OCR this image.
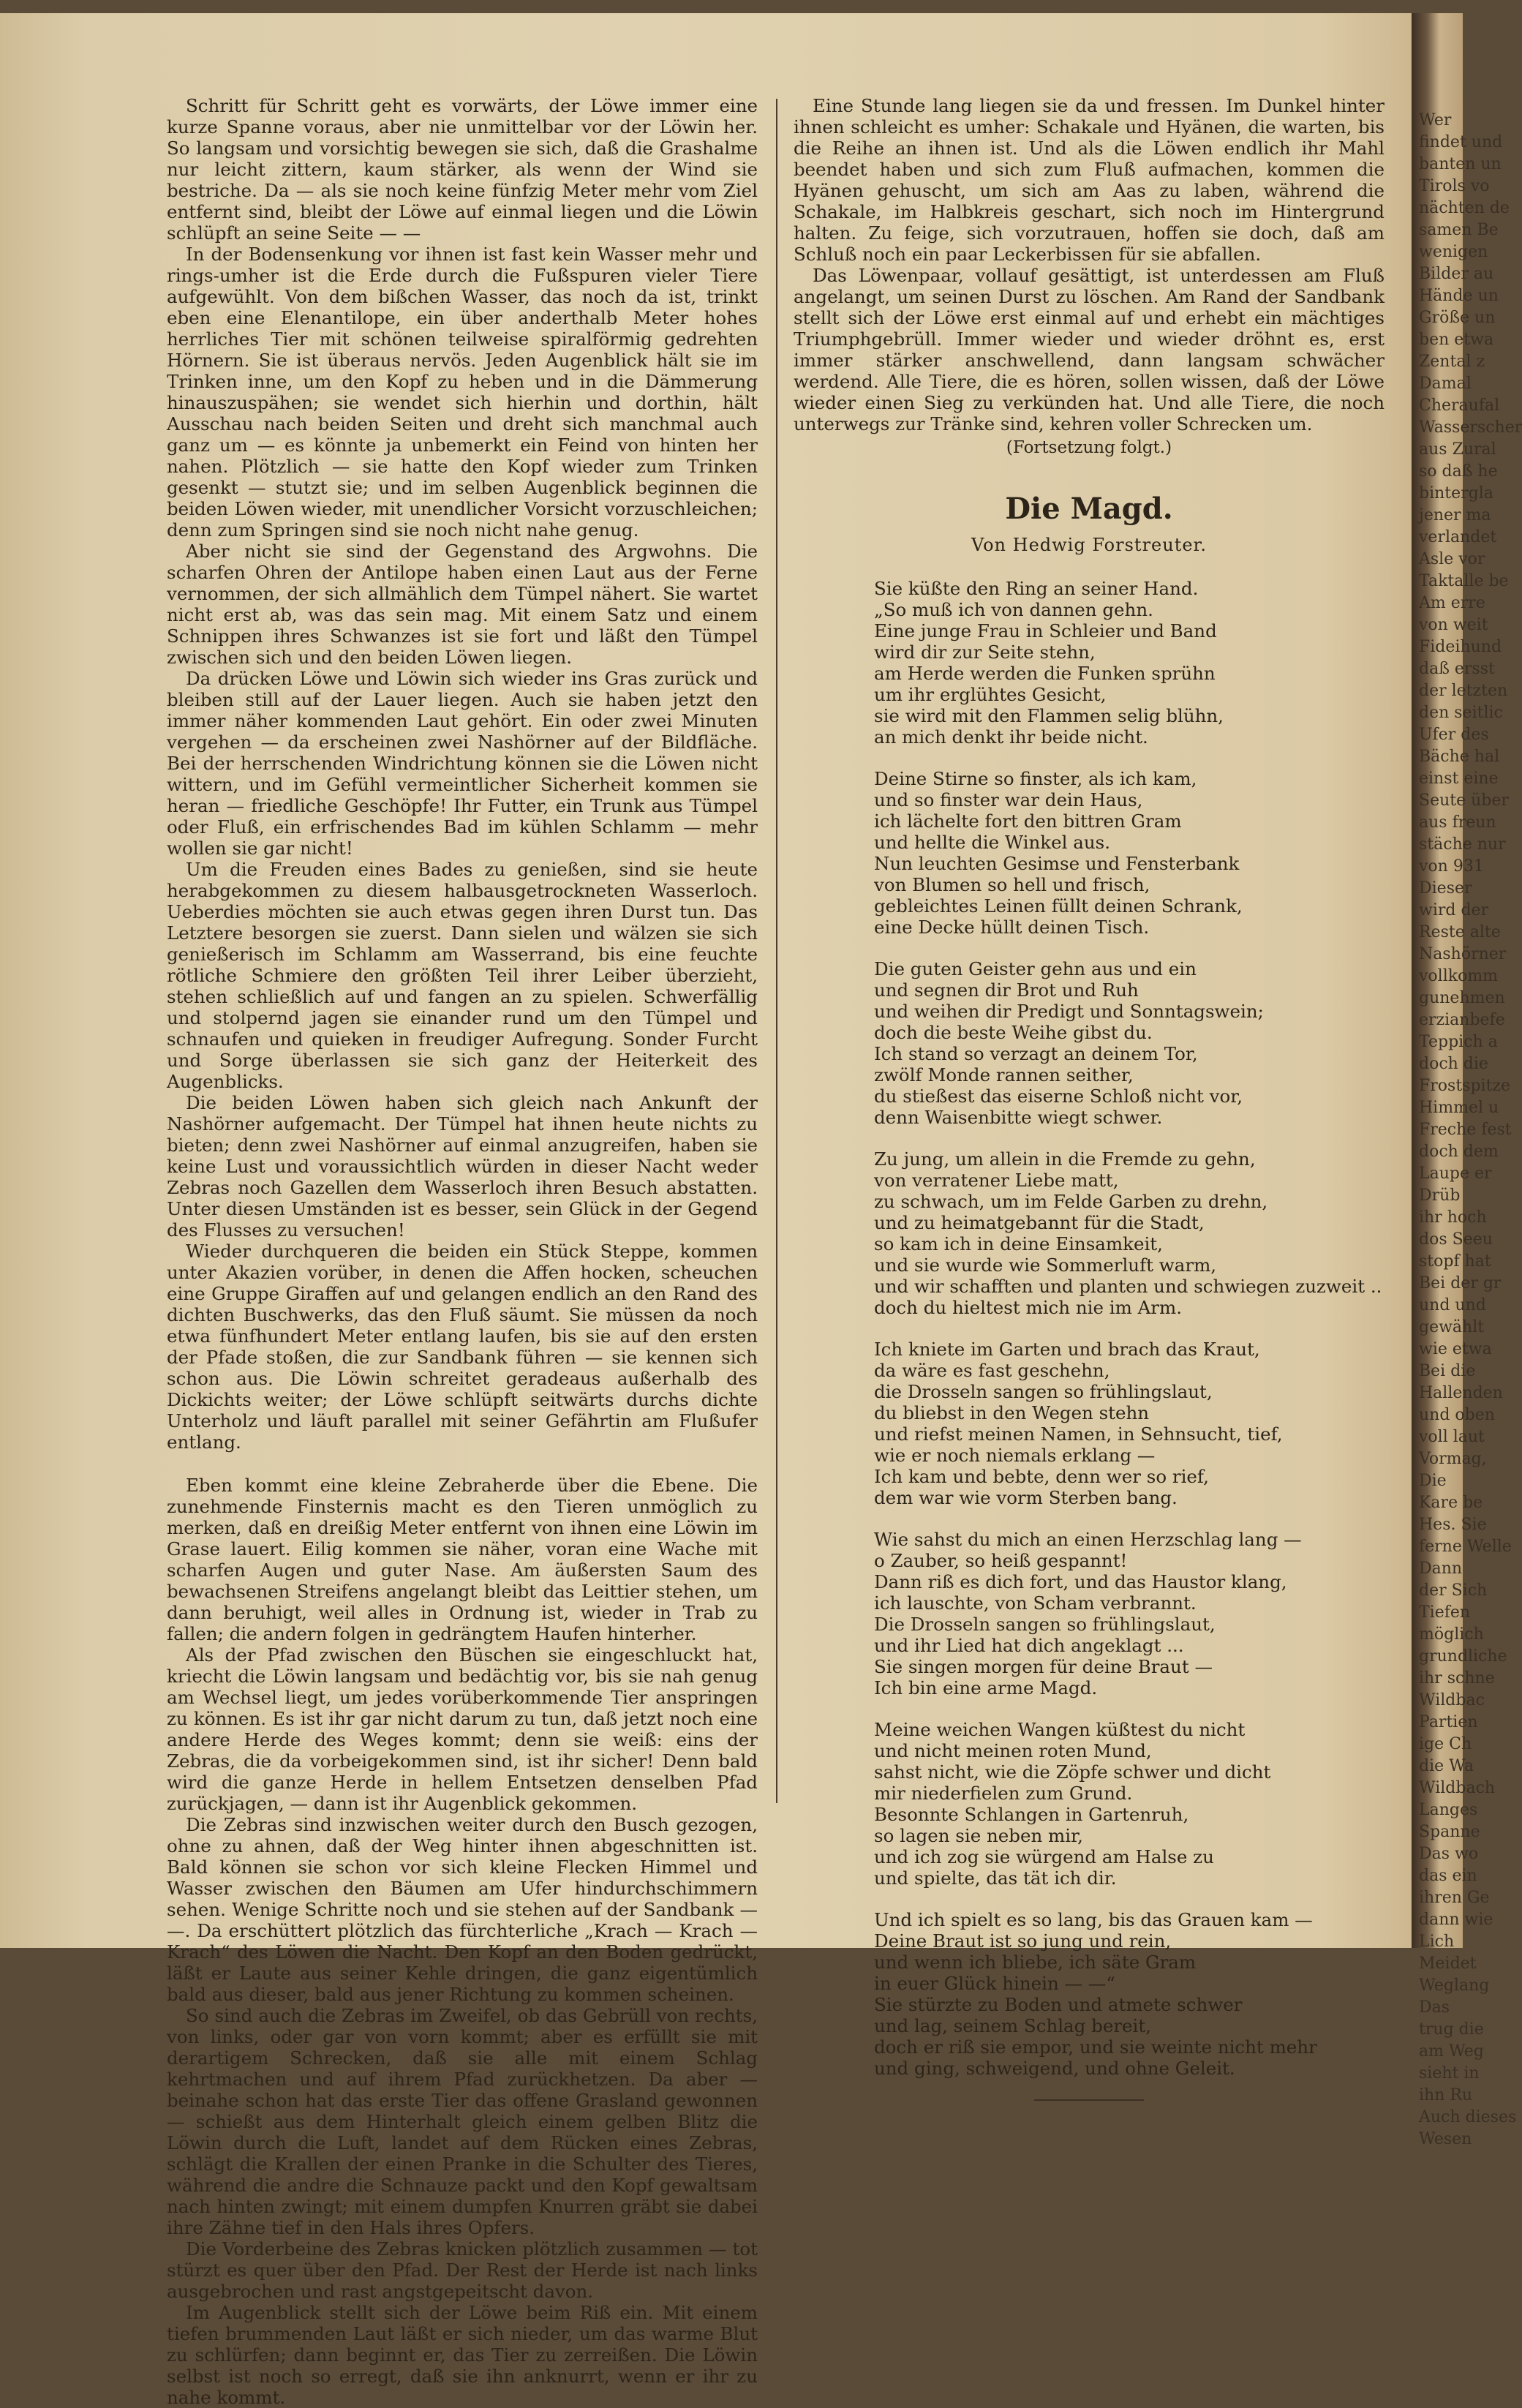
Wer
findet und
banten un
Tirols vo
nächten de
samen Be
wenigen
Bilder au
Hände un
Größe un
ben etwa
Zental z
Damal
Cheraufal
Wasserscher
aus Zural
so daß he
bintergla
jener ma
verlandet
Asle vor
Taktalle be
Am erre
von weit
Fideihund
daß ersst
der letzten
den seitlic
Ufer des
Bäche hal
einst eine
Seute über
aus freun
stäche nur
von 931
Dieser
wird der
Reste alte
Nashörner
vollkomm
gunehmen
erzianbefe
Teppich a
doch die
Frostspitze
Himmel u
Freche fest
doch dem
Laupe er
Drüb
ihr hoch
dos Seeu
stopf hat
Bei der gr
und und
gewählt
wie etwa
Bei die
Hallenden
und oben
voll laut
Vormag,
Die
Kare be
Hes. Sie
ferne Welle
Dann
der Sich
Tiefen
möglich
grundliche
ihr schne
Wildbac
Partien
ige Ch
die Wa
Wildbach
Langes
Spanne
Das wo
das ein
ihren Ge
dann wie
Lich
Meidet
Weglang
Das
trug die
am Weg
sieht in
ihn Ru
Auch dieses
Wesen

Schritt für Schritt geht es vorwärts, der Löwe immer eine kurze Spanne voraus, aber nie unmittelbar vor der Löwin her. So langsam und vorsichtig bewegen sie sich, daß die Grashalme nur leicht zittern, kaum stärker, als wenn der Wind sie bestriche. Da — als sie noch keine fünfzig Meter mehr vom Ziel entfernt sind, bleibt der Löwe auf einmal liegen und die Löwin schlüpft an seine Seite — —

In der Bodensenkung vor ihnen ist fast kein Wasser mehr und rings-umher ist die Erde durch die Fußspuren vieler Tiere aufgewühlt. Von dem bißchen Wasser, das noch da ist, trinkt eben eine Elenantilope, ein über anderthalb Meter hohes herrliches Tier mit schönen teilweise spiralförmig gedrehten Hörnern. Sie ist überaus nervös. Jeden Augenblick hält sie im Trinken inne, um den Kopf zu heben und in die Dämmerung hinauszuspähen; sie wendet sich hierhin und dorthin, hält Ausschau nach beiden Seiten und dreht sich manchmal auch ganz um — es könnte ja unbemerkt ein Feind von hinten her nahen. Plötzlich — sie hatte den Kopf wieder zum Trinken gesenkt — stutzt sie; und im selben Augenblick beginnen die beiden Löwen wieder, mit unendlicher Vorsicht vorzuschleichen; denn zum Springen sind sie noch nicht nahe genug.

Aber nicht sie sind der Gegenstand des Argwohns. Die scharfen Ohren der Antilope haben einen Laut aus der Ferne vernommen, der sich allmählich dem Tümpel nähert. Sie wartet nicht erst ab, was das sein mag. Mit einem Satz und einem Schnippen ihres Schwanzes ist sie fort und läßt den Tümpel zwischen sich und den beiden Löwen liegen.

Da drücken Löwe und Löwin sich wieder ins Gras zurück und bleiben still auf der Lauer liegen. Auch sie haben jetzt den immer näher kommenden Laut gehört. Ein oder zwei Minuten vergehen — da erscheinen zwei Nashörner auf der Bildfläche. Bei der herrschenden Windrichtung können sie die Löwen nicht wittern, und im Gefühl vermeintlicher Sicherheit kommen sie heran — friedliche Geschöpfe! Ihr Futter, ein Trunk aus Tümpel oder Fluß, ein erfrischendes Bad im kühlen Schlamm — mehr wollen sie gar nicht!

Um die Freuden eines Bades zu genießen, sind sie heute herabgekommen zu diesem halbausgetrockneten Wasserloch. Ueberdies möchten sie auch etwas gegen ihren Durst tun. Das Letztere besorgen sie zuerst. Dann sielen und wälzen sie sich genießerisch im Schlamm am Wasserrand, bis eine feuchte rötliche Schmiere den größten Teil ihrer Leiber überzieht, stehen schließlich auf und fangen an zu spielen. Schwerfällig und stolpernd jagen sie einander rund um den Tümpel und schnaufen und quieken in freudiger Aufregung. Sonder Furcht und Sorge überlassen sie sich ganz der Heiterkeit des Augenblicks.

Die beiden Löwen haben sich gleich nach Ankunft der Nashörner aufgemacht. Der Tümpel hat ihnen heute nichts zu bieten; denn zwei Nashörner auf einmal anzugreifen, haben sie keine Lust und voraussichtlich würden in dieser Nacht weder Zebras noch Gazellen dem Wasserloch ihren Besuch abstatten. Unter diesen Umständen ist es besser, sein Glück in der Gegend des Flusses zu versuchen!

Wieder durchqueren die beiden ein Stück Steppe, kommen unter Akazien vorüber, in denen die Affen hocken, scheuchen eine Gruppe Giraffen auf und gelangen endlich an den Rand des dichten Buschwerks, das den Fluß säumt. Sie müssen da noch etwa fünfhundert Meter entlang laufen, bis sie auf den ersten der Pfade stoßen, die zur Sandbank führen — sie kennen sich schon aus. Die Löwin schreitet geradeaus außerhalb des Dickichts weiter; der Löwe schlüpft seitwärts durchs dichte Unterholz und läuft parallel mit seiner Gefährtin am Flußufer entlang.

Eben kommt eine kleine Zebraherde über die Ebene. Die zunehmende Finsternis macht es den Tieren unmöglich zu merken, daß en dreißig Meter entfernt von ihnen eine Löwin im Grase lauert. Eilig kommen sie näher, voran eine Wache mit scharfen Augen und guter Nase. Am äußersten Saum des bewachsenen Streifens angelangt bleibt das Leittier stehen, um dann beruhigt, weil alles in Ordnung ist, wieder in Trab zu fallen; die andern folgen in gedrängtem Haufen hinterher.

Als der Pfad zwischen den Büschen sie eingeschluckt hat, kriecht die Löwin langsam und bedächtig vor, bis sie nah genug am Wechsel liegt, um jedes vorüberkommende Tier anspringen zu können. Es ist ihr gar nicht darum zu tun, daß jetzt noch eine andere Herde des Weges kommt; denn sie weiß: eins der Zebras, die da vorbeigekommen sind, ist ihr sicher! Denn bald wird die ganze Herde in hellem Entsetzen denselben Pfad zurückjagen, — dann ist ihr Augenblick gekommen.

Die Zebras sind inzwischen weiter durch den Busch gezogen, ohne zu ahnen, daß der Weg hinter ihnen abgeschnitten ist. Bald können sie schon vor sich kleine Flecken Himmel und Wasser zwischen den Bäumen am Ufer hindurchschimmern sehen. Wenige Schritte noch und sie stehen auf der Sandbank — —. Da erschüttert plötzlich das fürchterliche „Krach — Krach — Krach“ des Löwen die Nacht. Den Kopf an den Boden gedrückt, läßt er Laute aus seiner Kehle dringen, die ganz eigentümlich bald aus dieser, bald aus jener Richtung zu kommen scheinen.

So sind auch die Zebras im Zweifel, ob das Gebrüll von rechts, von links, oder gar von vorn kommt; aber es erfüllt sie mit derartigem Schrecken, daß sie alle mit einem Schlag kehrtmachen und auf ihrem Pfad zurückhetzen. Da aber — beinahe schon hat das erste Tier das offene Grasland gewonnen — schießt aus dem Hinterhalt gleich einem gelben Blitz die Löwin durch die Luft, landet auf dem Rücken eines Zebras, schlägt die Krallen der einen Pranke in die Schulter des Tieres, während die andre die Schnauze packt und den Kopf gewaltsam nach hinten zwingt; mit einem dumpfen Knurren gräbt sie dabei ihre Zähne tief in den Hals ihres Opfers.

Die Vorderbeine des Zebras knicken plötzlich zusammen — tot stürzt es quer über den Pfad. Der Rest der Herde ist nach links ausgebrochen und rast angstgepeitscht davon.

Im Augenblick stellt sich der Löwe beim Riß ein. Mit einem tiefen brummenden Laut läßt er sich nieder, um das warme Blut zu schlürfen; dann beginnt er, das Tier zu zerreißen. Die Löwin selbst ist noch so erregt, daß sie ihn anknurrt, wenn er ihr zu nahe kommt.

Eine Stunde lang liegen sie da und fressen. Im Dunkel hinter ihnen schleicht es umher: Schakale und Hyänen, die warten, bis die Reihe an ihnen ist. Und als die Löwen endlich ihr Mahl beendet haben und sich zum Fluß aufmachen, kommen die Hyänen gehuscht, um sich am Aas zu laben, während die Schakale, im Halbkreis geschart, sich noch im Hintergrund halten. Zu feige, sich vorzutrauen, hoffen sie doch, daß am Schluß noch ein paar Leckerbissen für sie abfallen.

Das Löwenpaar, vollauf gesättigt, ist unterdessen am Fluß angelangt, um seinen Durst zu löschen. Am Rand der Sandbank stellt sich der Löwe erst einmal auf und erhebt ein mächtiges Triumphgebrüll. Immer wieder und wieder dröhnt es, erst immer stärker anschwellend, dann langsam schwächer werdend. Alle Tiere, die es hören, sollen wissen, daß der Löwe wieder einen Sieg zu verkünden hat. Und alle Tiere, die noch unterwegs zur Tränke sind, kehren voller Schrecken um.

(Fortsetzung folgt.)
Die Magd.
Von Hedwig Forstreuter.
Sie küßte den Ring an seiner Hand.
„So muß ich von dannen gehn.
Eine junge Frau in Schleier und Band
wird dir zur Seite stehn,
am Herde werden die Funken sprühn
um ihr erglühtes Gesicht,
sie wird mit den Flammen selig blühn,
an mich denkt ihr beide nicht.
Deine Stirne so finster, als ich kam,
und so finster war dein Haus,
ich lächelte fort den bittren Gram
und hellte die Winkel aus.
Nun leuchten Gesimse und Fensterbank
von Blumen so hell und frisch,
gebleichtes Leinen füllt deinen Schrank,
eine Decke hüllt deinen Tisch.
Die guten Geister gehn aus und ein
und segnen dir Brot und Ruh
und weihen dir Predigt und Sonntagswein;
doch die beste Weihe gibst du.
Ich stand so verzagt an deinem Tor,
zwölf Monde rannen seither,
du stießest das eiserne Schloß nicht vor,
denn Waisenbitte wiegt schwer.
Zu jung, um allein in die Fremde zu gehn,
von verratener Liebe matt,
zu schwach, um im Felde Garben zu drehn,
und zu heimatgebannt für die Stadt,
so kam ich in deine Einsamkeit,
und sie wurde wie Sommerluft warm,
und wir schafften und planten und schwiegen zuzweit ..
doch du hieltest mich nie im Arm.
Ich kniete im Garten und brach das Kraut,
da wäre es fast geschehn,
die Drosseln sangen so frühlingslaut,
du bliebst in den Wegen stehn
und riefst meinen Namen, in Sehnsucht, tief,
wie er noch niemals erklang —
Ich kam und bebte, denn wer so rief,
dem war wie vorm Sterben bang.
Wie sahst du mich an einen Herzschlag lang —
o Zauber, so heiß gespannt!
Dann riß es dich fort, und das Haustor klang,
ich lauschte, von Scham verbrannt.
Die Drosseln sangen so frühlingslaut,
und ihr Lied hat dich angeklagt ...
Sie singen morgen für deine Braut —
Ich bin eine arme Magd.
Meine weichen Wangen küßtest du nicht
und nicht meinen roten Mund,
sahst nicht, wie die Zöpfe schwer und dicht
mir niederfielen zum Grund.
Besonnte Schlangen in Gartenruh,
so lagen sie neben mir,
und ich zog sie würgend am Halse zu
und spielte, das tät ich dir.
Und ich spielt es so lang, bis das Grauen kam —
Deine Braut ist so jung und rein,
und wenn ich bliebe, ich säte Gram
in euer Glück hinein — —“
Sie stürzte zu Boden und atmete schwer
und lag, seinem Schlag bereit,
doch er riß sie empor, und sie weinte nicht mehr
und ging, schweigend, und ohne Geleit.
